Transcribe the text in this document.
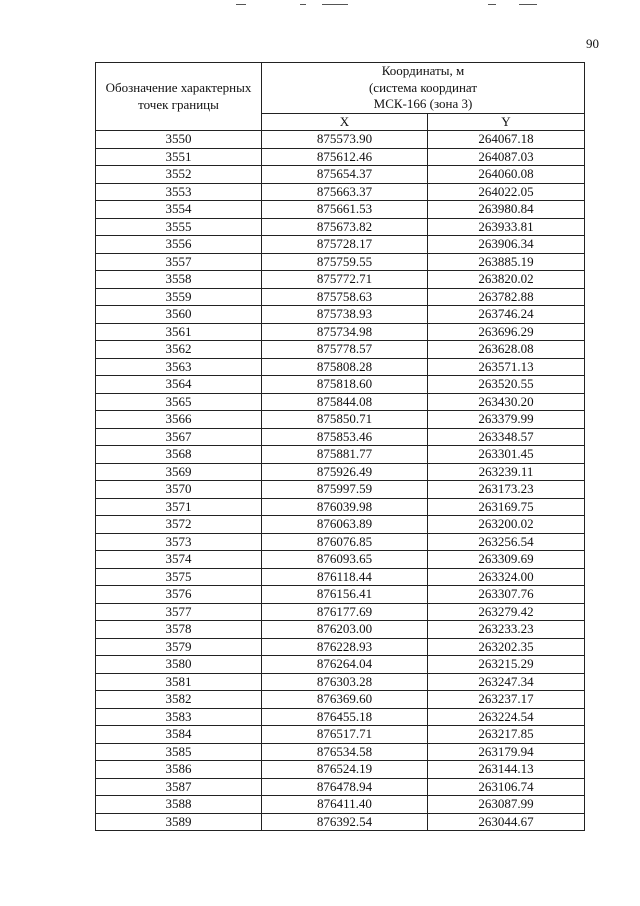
90
Обозначение характерных точек границы	Координаты, м
(система координат
МСК-166 (зона 3)	

	X	Y
3550	875573.90	264067.18
3551	875612.46	264087.03
3552	875654.37	264060.08
3553	875663.37	264022.05
3554	875661.53	263980.84
3555	875673.82	263933.81
3556	875728.17	263906.34
3557	875759.55	263885.19
3558	875772.71	263820.02
3559	875758.63	263782.88
3560	875738.93	263746.24
3561	875734.98	263696.29
3562	875778.57	263628.08
3563	875808.28	263571.13
3564	875818.60	263520.55
3565	875844.08	263430.20
3566	875850.71	263379.99
3567	875853.46	263348.57
3568	875881.77	263301.45
3569	875926.49	263239.11
3570	875997.59	263173.23
3571	876039.98	263169.75
3572	876063.89	263200.02
3573	876076.85	263256.54
3574	876093.65	263309.69
3575	876118.44	263324.00
3576	876156.41	263307.76
3577	876177.69	263279.42
3578	876203.00	263233.23
3579	876228.93	263202.35
3580	876264.04	263215.29
3581	876303.28	263247.34
3582	876369.60	263237.17
3583	876455.18	263224.54
3584	876517.71	263217.85
3585	876534.58	263179.94
3586	876524.19	263144.13
3587	876478.94	263106.74
3588	876411.40	263087.99
3589	876392.54	263044.67
